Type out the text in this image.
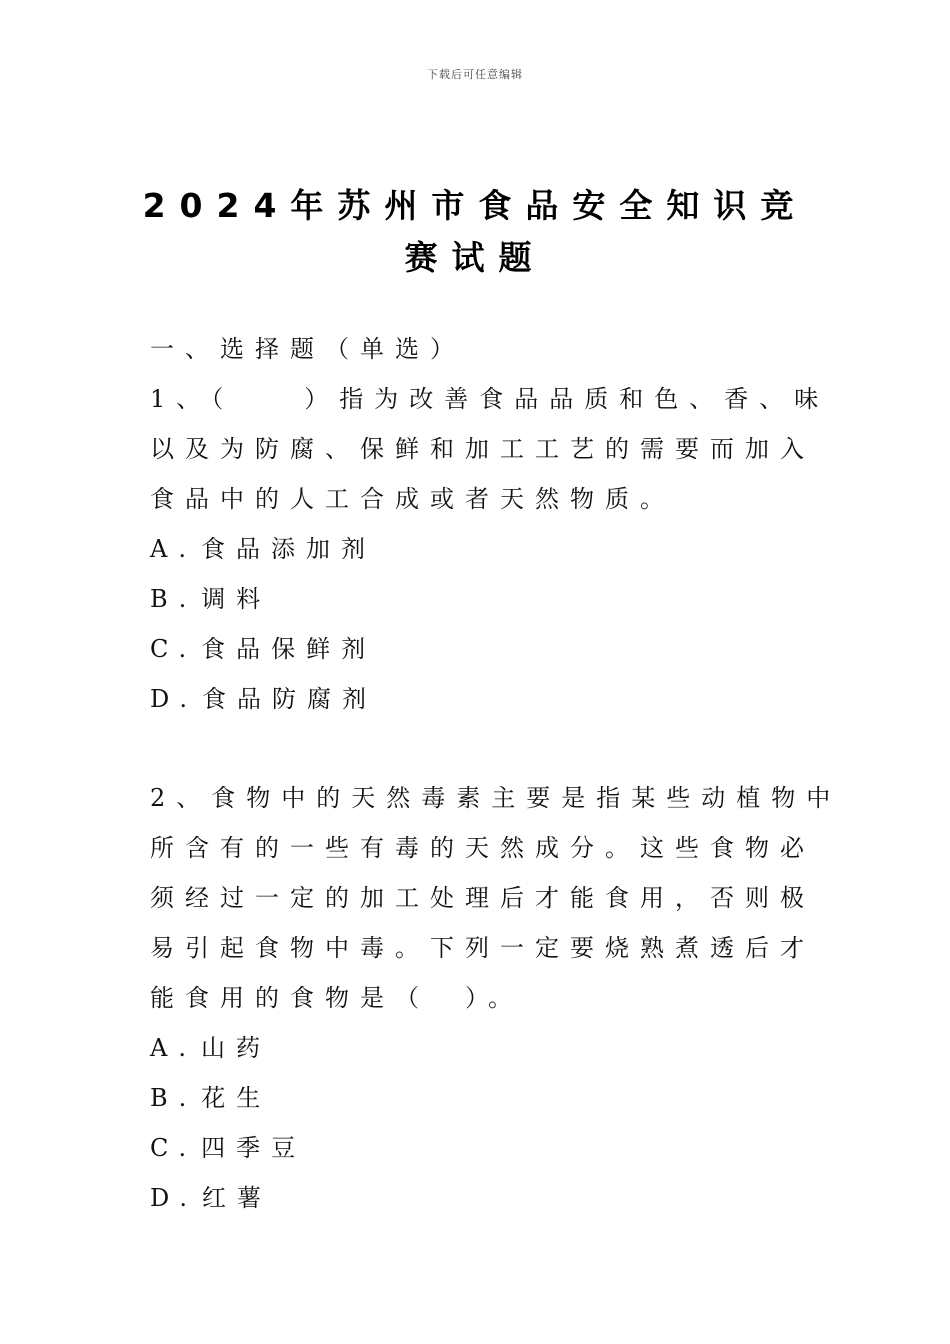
下载后可任意编辑
2024年苏州市食品安全知识竞
赛试题
一、选择题（单选）
1、（　　）指为改善食品品质和色、香、味
以及为防腐、保鲜和加工工艺的需要而加入
食品中的人工合成或者天然物质。
A. 食品添加剂
B. 调料
C. 食品保鲜剂
D. 食品防腐剂
2、食物中的天然毒素主要是指某些动植物中
所含有的一些有毒的天然成分。这些食物必
须经过一定的加工处理后才能食用，否则极
易引起食物中毒。下列一定要烧熟煮透后才
能食用的食物是（　）。
A. 山药
B. 花生
C. 四季豆
D. 红薯
